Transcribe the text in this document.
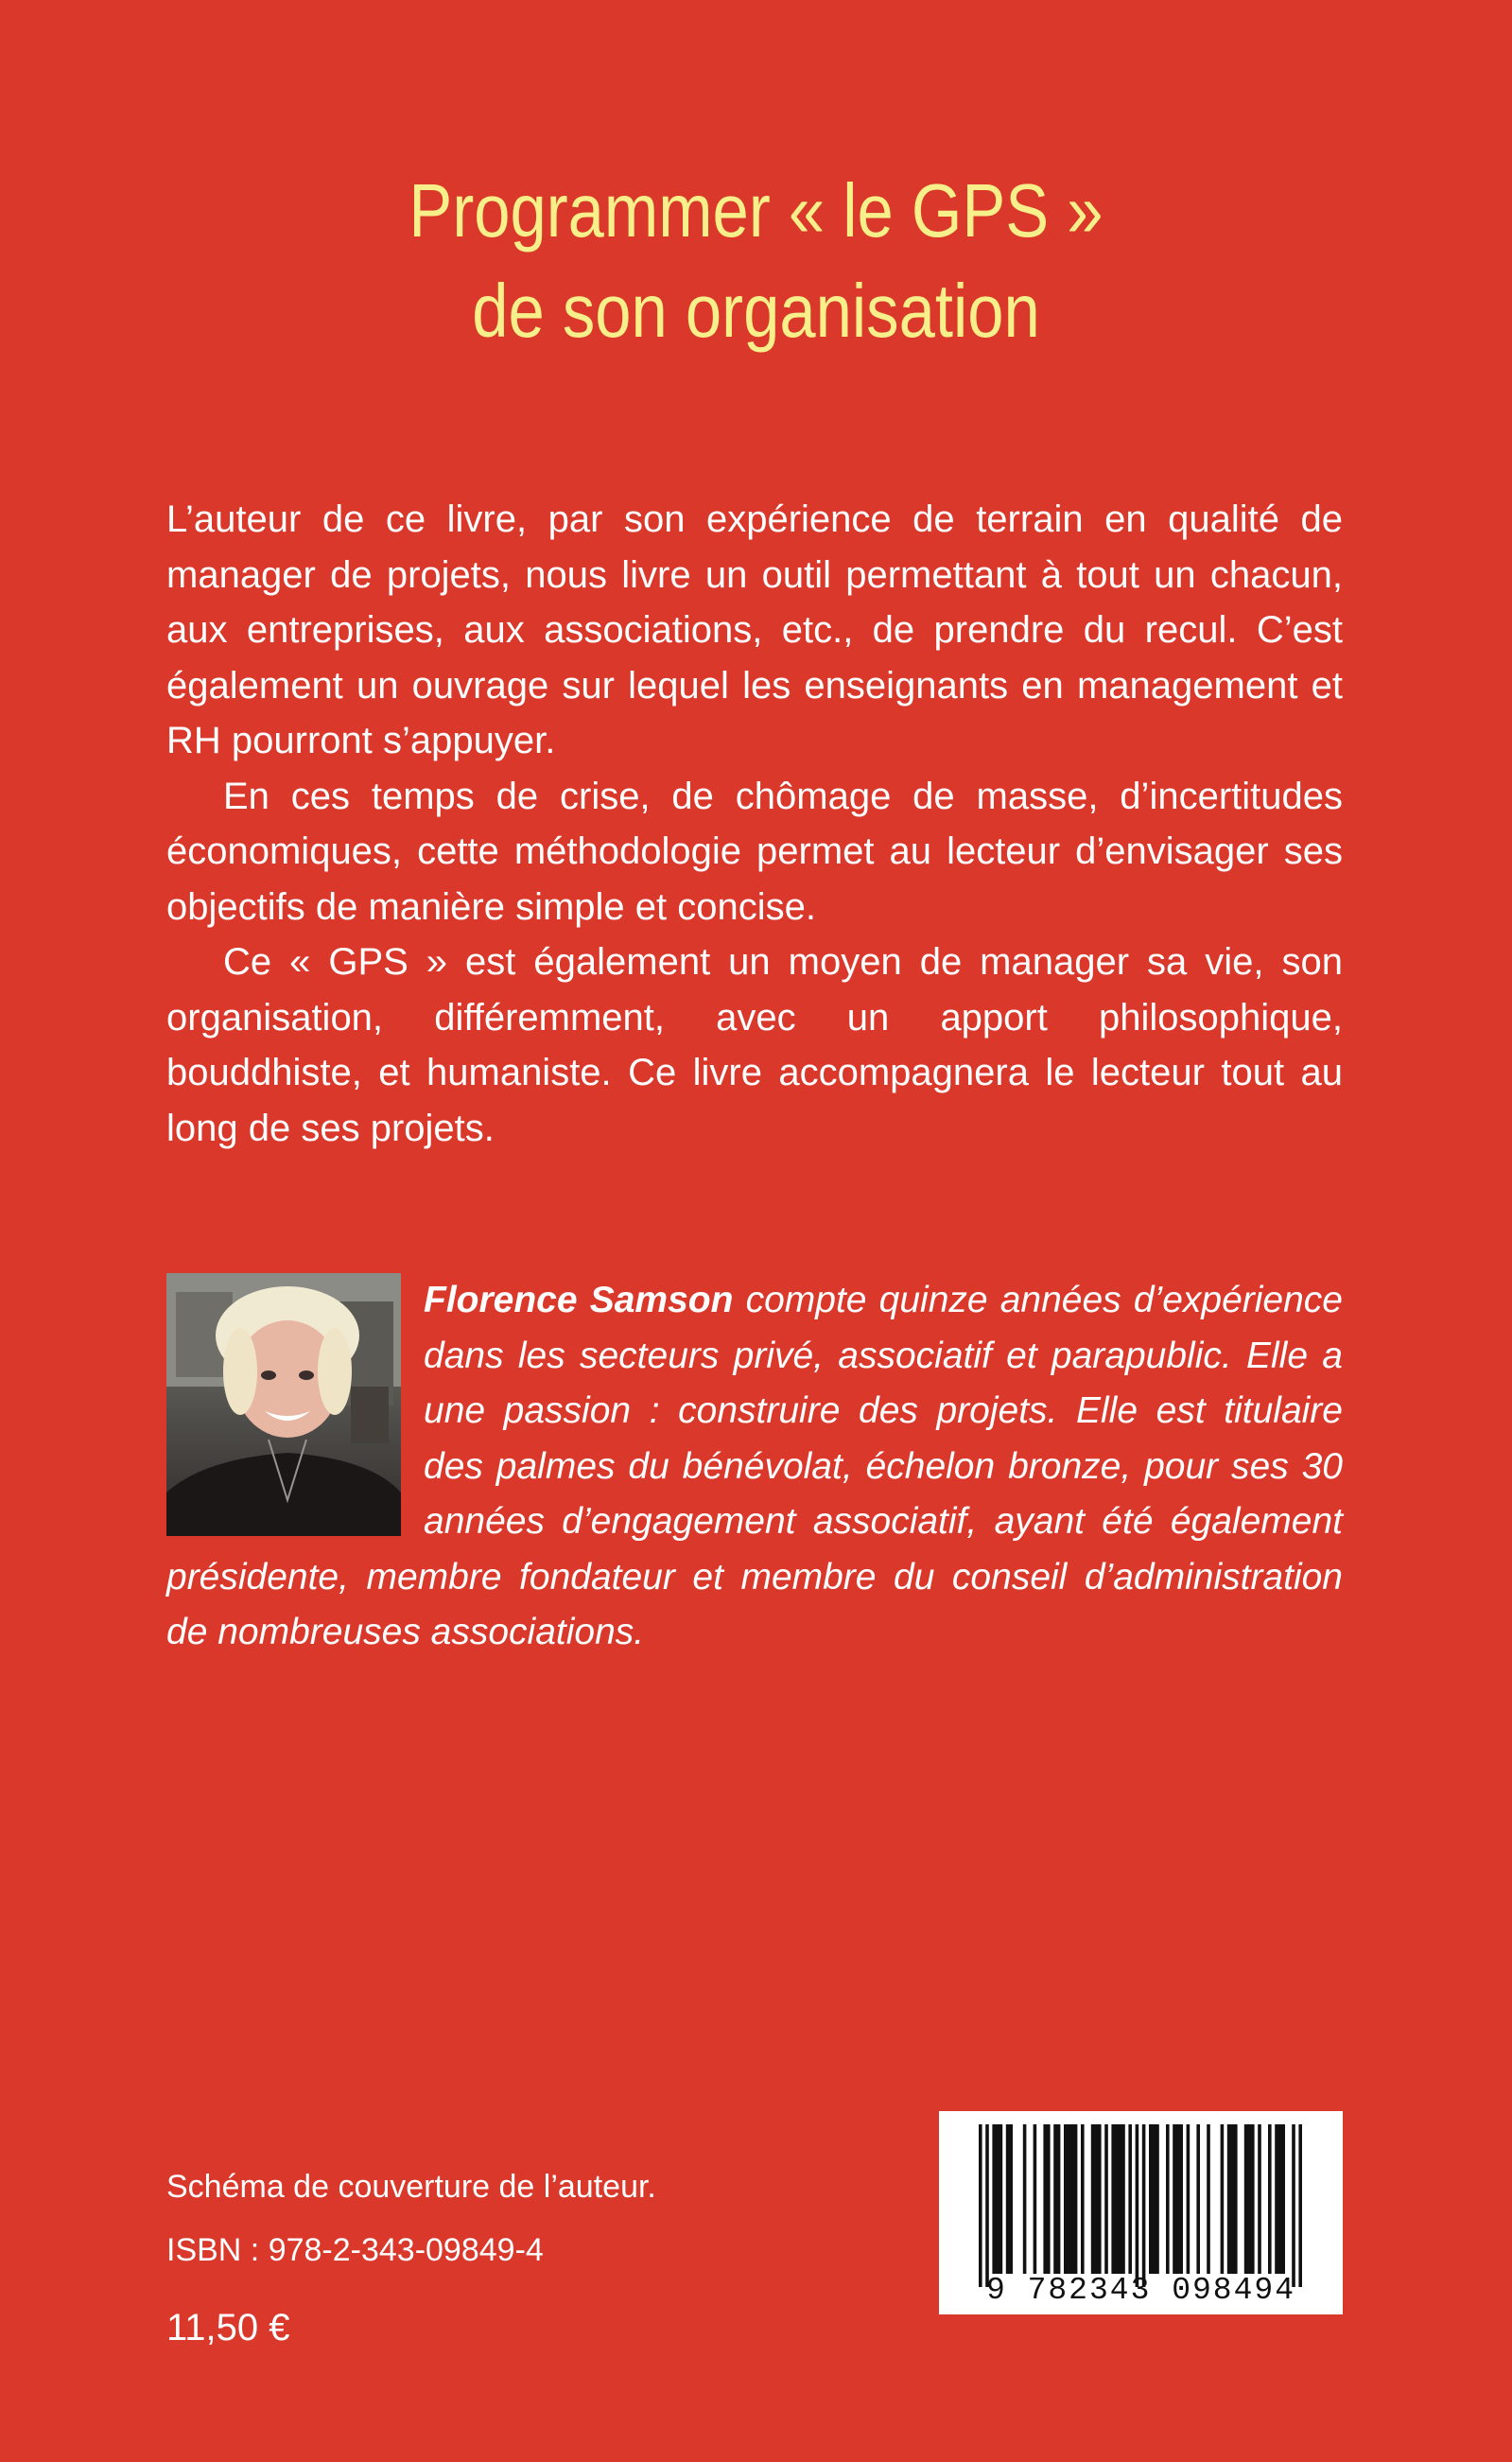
Programmer « le GPS »
de son organisation

L’auteur de ce livre, par son expérience de terrain en qualité de manager de projets, nous livre un outil permettant à tout un chacun, aux entreprises, aux associations, etc., de prendre du recul. C’est également un ouvrage sur lequel les enseignants en management et RH pourront s’appuyer.

En ces temps de crise, de chômage de masse, d’incertitudes économiques, cette méthodologie permet au lecteur d’envisager ses objectifs de manière simple et concise.

Ce « GPS » est également un moyen de manager sa vie, son organisation, différemment, avec un apport philosophique, bouddhiste, et humaniste. Ce livre accompagnera le lecteur tout au long de ses projets.

Florence Samson compte quinze années d’expérience dans les secteurs privé, associatif et parapublic. Elle a une passion : construire des projets. Elle est titulaire des palmes du bénévolat, échelon bronze, pour ses 30 années d’engagement associatif, ayant été également présidente, membre fondateur et membre du conseil d’administration de nombreuses associations.
Schéma de couverture de l’auteur.
ISBN : 978-2-343-09849-4
11,50 €
9 782343 098494
